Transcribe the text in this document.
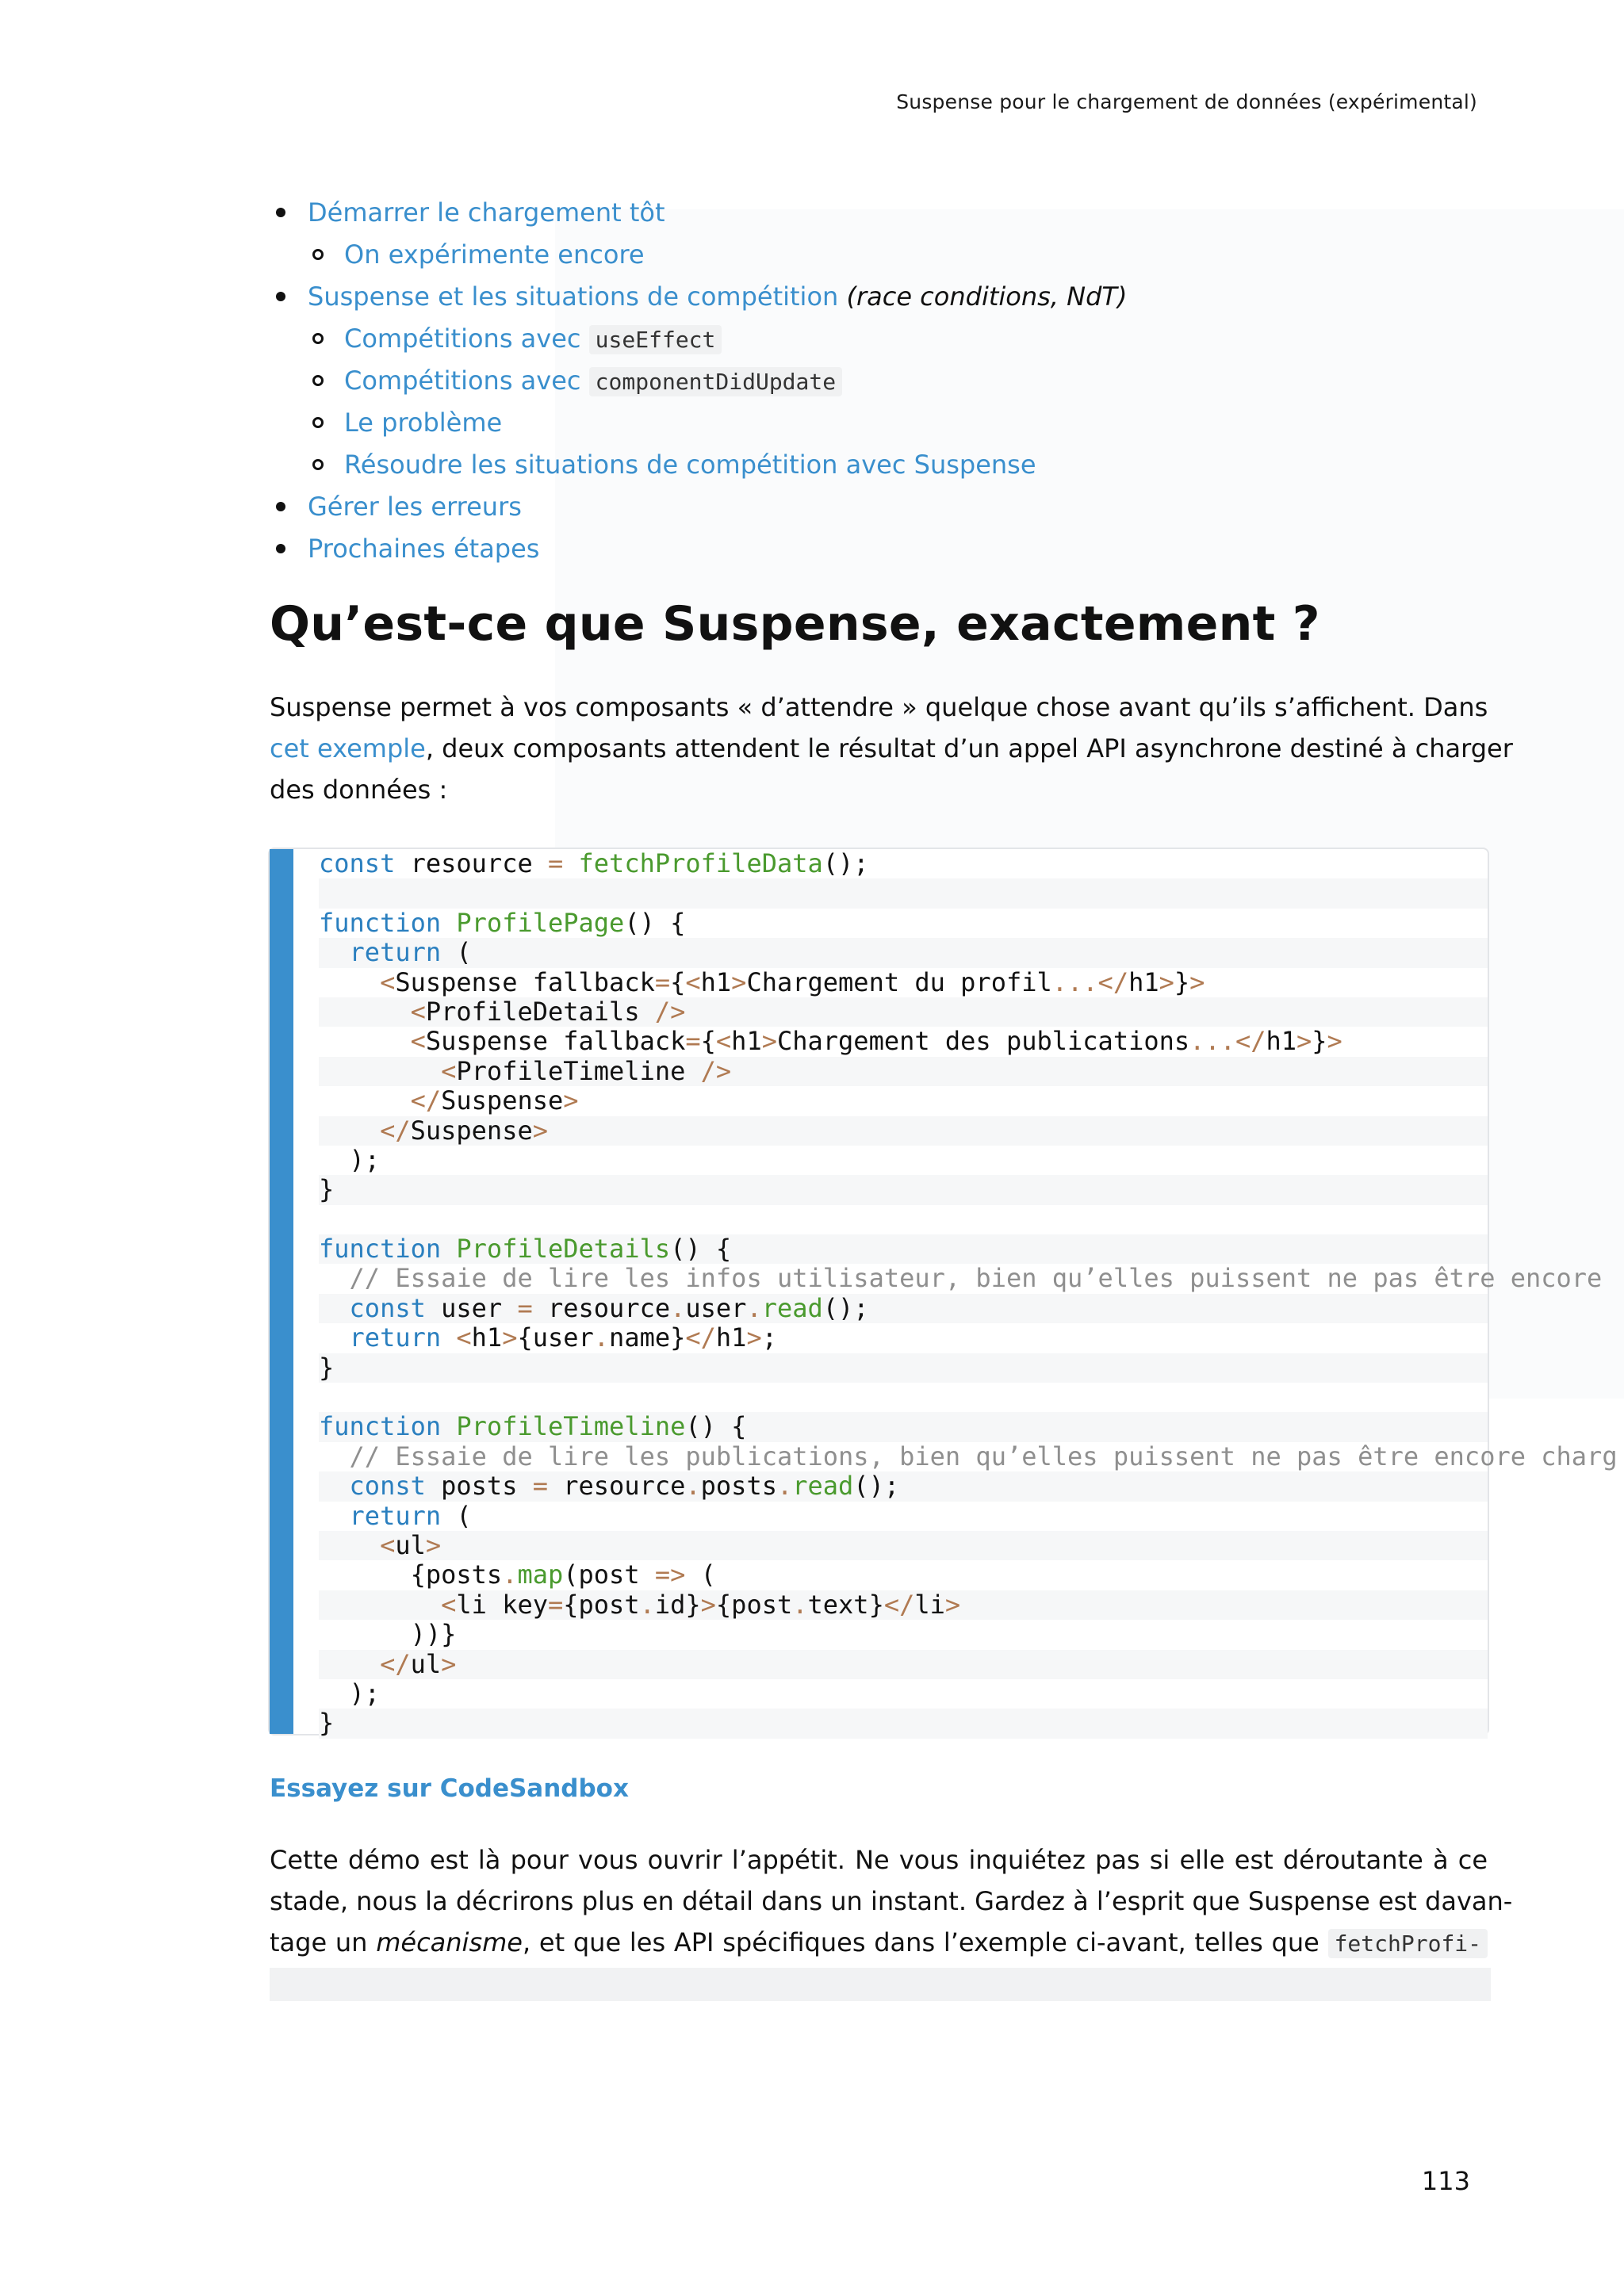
Suspense pour le chargement de données (expérimental)
Démarrer le chargement tôt
On expérimente encore
Suspense et les situations de compétition (race conditions, NdT)
Compétitions avec useEffect
Compétitions avec componentDidUpdate
Le problème
Résoudre les situations de compétition avec Suspense
Gérer les erreurs
Prochaines étapes
Qu’est-ce que Suspense, exactement ?

Suspense permet à vos composants « d’attendre » quelque chose avant qu’ils s’affichent. Dans
cet exemple, deux composants attendent le résultat d’un appel API asynchrone destiné à charger
des données :

const resource = fetchProfileData();

function ProfilePage() {
return (
<Suspense fallback={<h1>Chargement du profil...</h1>}>
<ProfileDetails />
<Suspense fallback={<h1>Chargement des publications...</h1>}>
<ProfileTimeline />
</Suspense>
</Suspense>
);
}

function ProfileDetails() {
// Essaie de lire les infos utilisateur, bien qu’elles puissent ne pas être encore
const user = resource.user.read();
return <h1>{user.name}</h1>;
}

function ProfileTimeline() {
// Essaie de lire les publications, bien qu’elles puissent ne pas être encore charg
const posts = resource.posts.read();
return (
<ul>
{posts.map(post => (
<li key={post.id}>{post.text}</li>
))}
</ul>
);
}
Essayez sur CodeSandbox

Cette démo est là pour vous ouvrir l’appétit. Ne vous inquiétez pas si elle est déroutante à ce
stade, nous la décrirons plus en détail dans un instant. Gardez à l’esprit que Suspense est davan-
tage un mécanisme, et que les API spécifiques dans l’exemple ci-avant, telles que fetchProfi-

113
